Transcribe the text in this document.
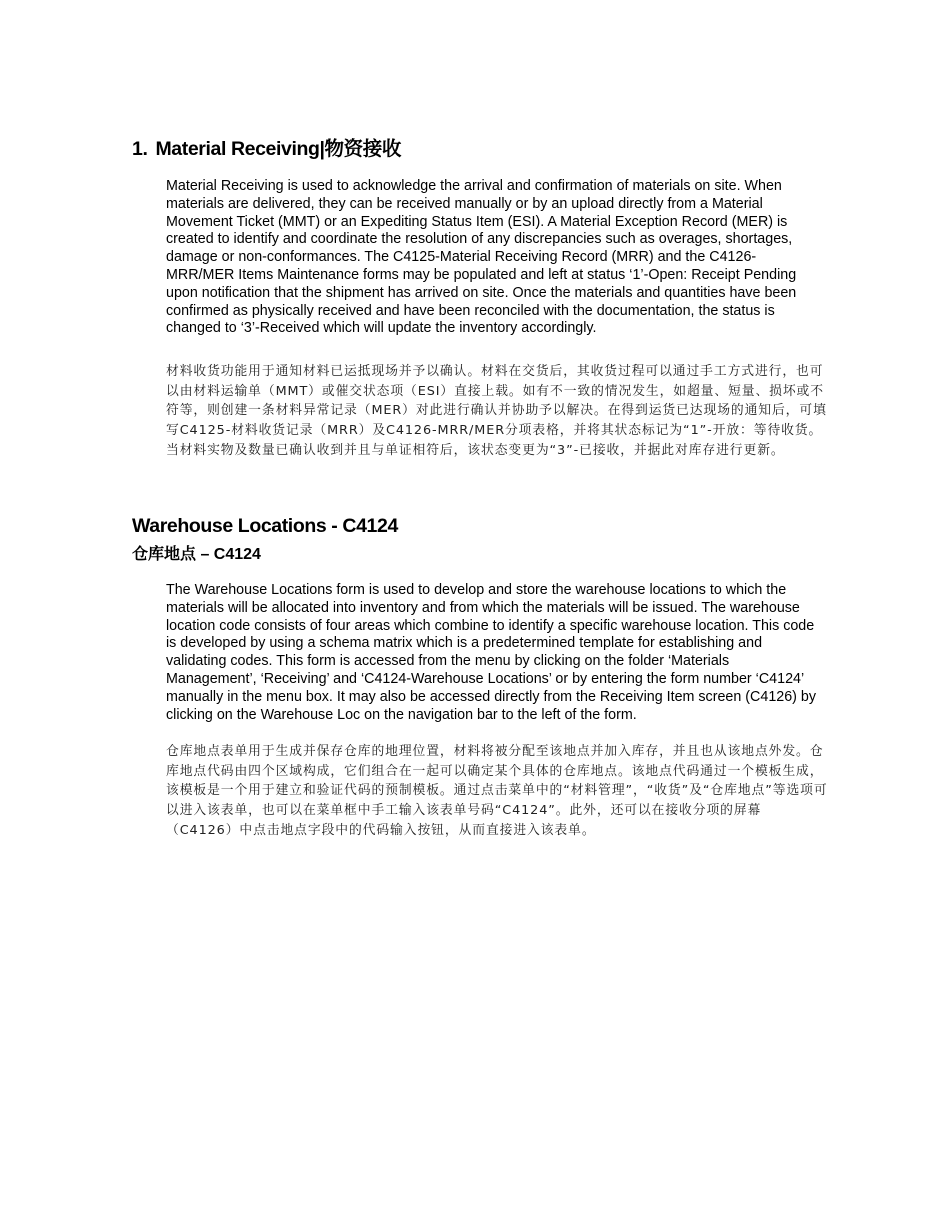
1. Material Receiving|物资接收
Material Receiving is used to acknowledge the arrival and confirmation of materials on site. When materials are delivered, they can be received manually or by an upload directly from a Material Movement Ticket (MMT) or an Expediting Status Item (ESI). A Material Exception Record (MER) is created to identify and coordinate the resolution of any discrepancies such as overages, shortages, damage or non-conformances. The C4125-Material Receiving Record (MRR) and the C4126-MRR/MER Items Maintenance forms may be populated and left at status ‘1’-Open: Receipt Pending upon notification that the shipment has arrived on site. Once the materials and quantities have been confirmed as physically received and have been reconciled with the documentation, the status is changed to ‘3’-Received which will update the inventory accordingly.
材料收货功能用于通知材料已运抵现场并予以确认。材料在交货后，其收货过程可以通过手工方式进行，也可以由材料运输单（MMT）或催交状态项（ESI）直接上载。如有不一致的情况发生，如超量、短量、损坏或不符等，则创建一条材料异常记录（MER）对此进行确认并协助予以解决。在得到运货已达现场的通知后，可填写C4125-材料收货记录（MRR）及C4126-MRR/MER分项表格，并将其状态标记为“1”-开放：等待收货。当材料实物及数量已确认收到并且与单证相符后，该状态变更为“3”-已接收，并据此对库存进行更新。
Warehouse Locations - C4124
仓库地点 – C4124
The Warehouse Locations form is used to develop and store the warehouse locations to which the materials will be allocated into inventory and from which the materials will be issued. The warehouse location code consists of four areas which combine to identify a specific warehouse location. This code is developed by using a schema matrix which is a predetermined template for establishing and validating codes. This form is accessed from the menu by clicking on the folder ‘Materials Management’, ‘Receiving’ and ‘C4124-Warehouse Locations’ or by entering the form number ‘C4124’ manually in the menu box. It may also be accessed directly from the Receiving Item screen (C4126) by clicking on the Warehouse Loc on the navigation bar to the left of the form.
仓库地点表单用于生成并保存仓库的地理位置，材料将被分配至该地点并加入库存，并且也从该地点外发。仓库地点代码由四个区域构成，它们组合在一起可以确定某个具体的仓库地点。该地点代码通过一个模板生成，该模板是一个用于建立和验证代码的预制模板。通过点击菜单中的“材料管理”，“收货”及“仓库地点”等选项可以进入该表单，也可以在菜单框中手工输入该表单号码“C4124”。此外，还可以在接收分项的屏幕（C4126）中点击地点字段中的代码输入按钮，从而直接进入该表单。
